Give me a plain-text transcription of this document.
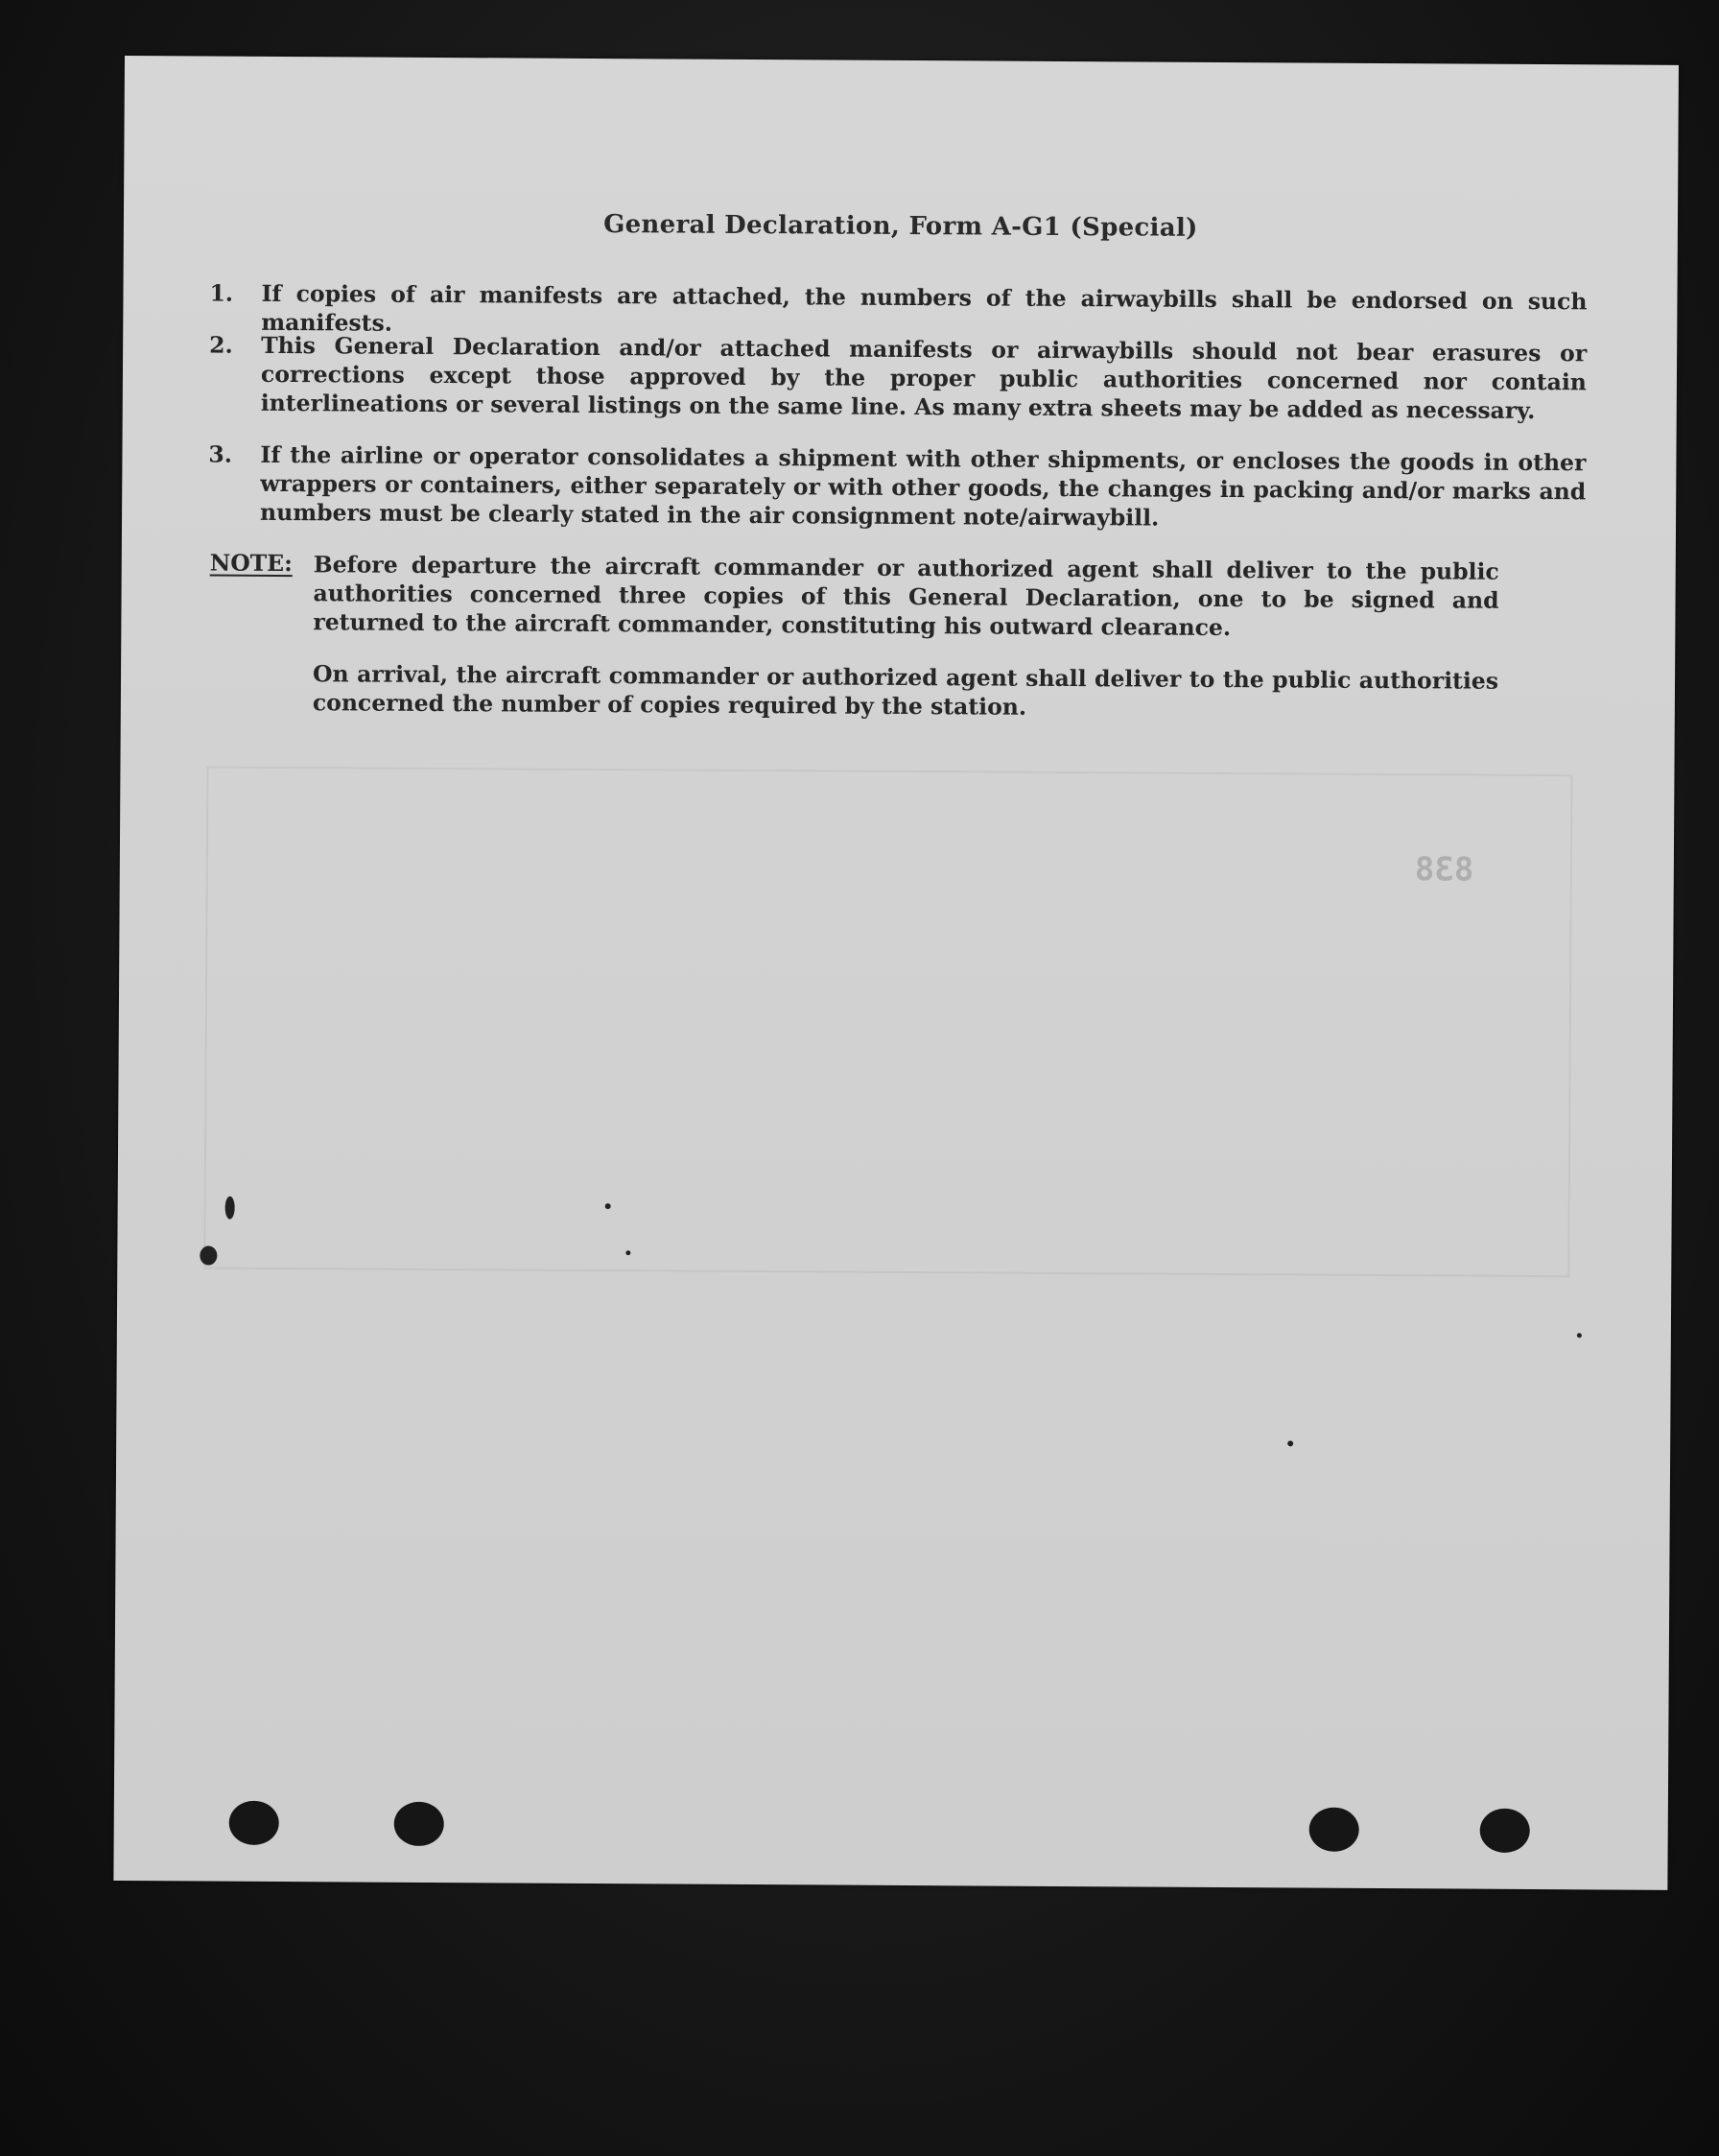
General Declaration, Form A-G1 (Special)
1.	If copies of air manifests are attached, the numbers of the airwaybills shall be endorsed on such manifests.
2.	This General Declaration and/or attached manifests or airwaybills should not bear erasures or corrections except those approved by the proper public authorities concerned nor contain interlineations or several listings on the same line. As many extra sheets may be added as necessary.
3.	If the airline or operator consolidates a shipment with other shipments, or encloses the goods in other wrappers or containers, either separately or with other goods, the changes in packing and/or marks and numbers must be clearly stated in the air consignment note/airwaybill.
NOTE: Before departure the aircraft commander or authorized agent shall deliver to the public authorities concerned three copies of this General Declaration, one to be signed and returned to the aircraft commander, constituting his outward clearance.
On arrival, the aircraft commander or authorized agent shall deliver to the public authorities concerned the number of copies required by the station.
838
